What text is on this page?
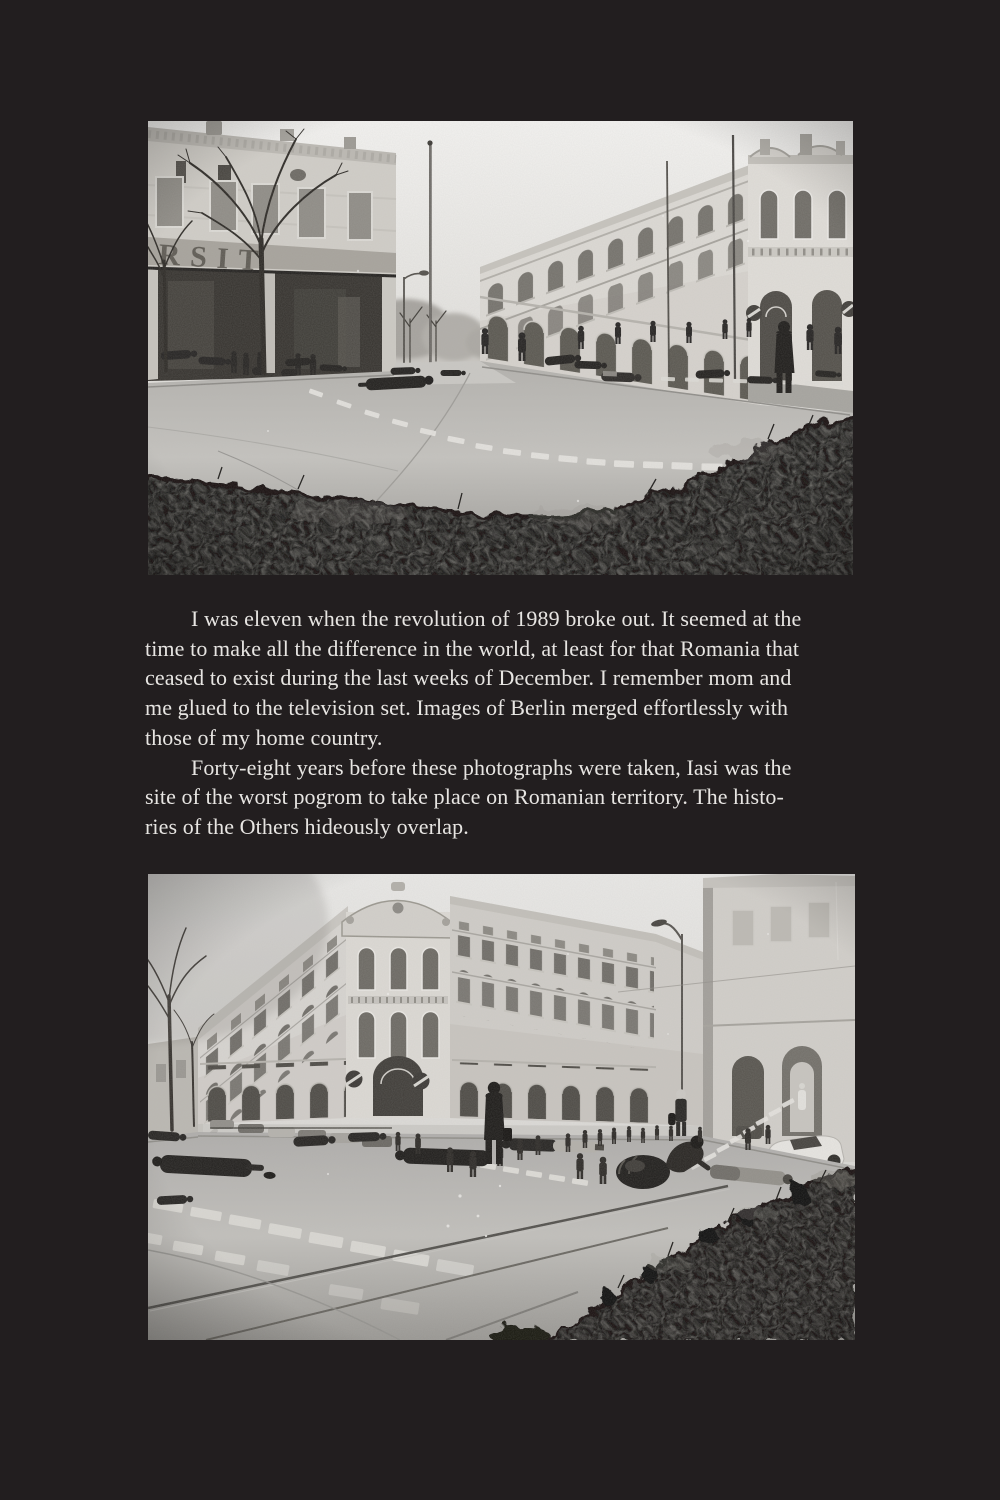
I was eleven when the revolution of 1989 broke out. It seemed at the
time to make all the difference in the world, at least for that Romania that
ceased to exist during the last weeks of December. I remember mom and
me glued to the television set. Images of Berlin merged effortlessly with
those of my home country.
Forty-eight years before these photographs were taken, Iasi was the
site of the worst pogrom to take place on Romanian territory. The histo-
ries of the Others hideously overlap.
